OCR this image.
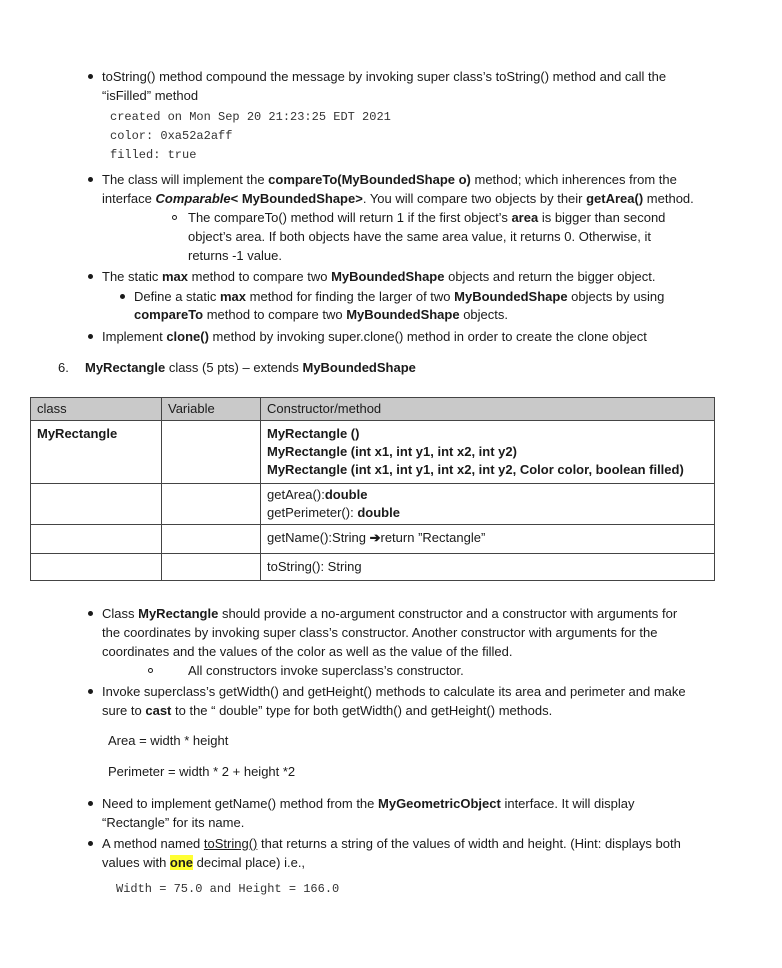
toString() method compound the message by invoking super class’s toString() method and call the
“isFilled” method
created on Mon Sep 20 21:23:25 EDT 2021
color: 0xa52a2aff
filled: true
The class will implement the compareTo(MyBoundedShape o) method; which inherences from the
interface Comparable< MyBoundedShape>. You will compare two objects by their getArea() method.
The compareTo() method will return 1 if the first object’s area is bigger than second
object’s area. If both objects have the same area value, it returns 0. Otherwise, it
returns -1 value.
The static max method to compare two MyBoundedShape objects and return the bigger object.
Define a static max method for finding the larger of two MyBoundedShape objects by using
compareTo method to compare two MyBoundedShape objects.
Implement clone() method by invoking super.clone() method in order to create the clone object
6. MyRectangle class (5 pts) – extends MyBoundedShape
class	Variable	Constructor/method
MyRectangle		MyRectangle ()
MyRectangle (int x1, int y1, int x2, int y2)
MyRectangle (int x1, int y1, int x2, int y2, Color color, boolean filled)
		getArea():double
getPerimeter(): double
		getName():String ➔return ”Rectangle”
		toString(): String
Class MyRectangle should provide a no-argument constructor and a constructor with arguments for
the coordinates by invoking super class’s constructor. Another constructor with arguments for the
coordinates and the values of the color as well as the value of the filled.
All constructors invoke superclass’s constructor.
Invoke superclass’s getWidth() and getHeight() methods to calculate its area and perimeter and make
sure to cast to the “ double” type for both getWidth() and getHeight() methods.
Area = width * height
Perimeter = width * 2 + height *2
Need to implement getName() method from the MyGeometricObject interface. It will display
“Rectangle” for its name.
A method named toString() that returns a string of the values of width and height. (Hint: displays both
values with one decimal place) i.e.,
Width = 75.0 and Height = 166.0
